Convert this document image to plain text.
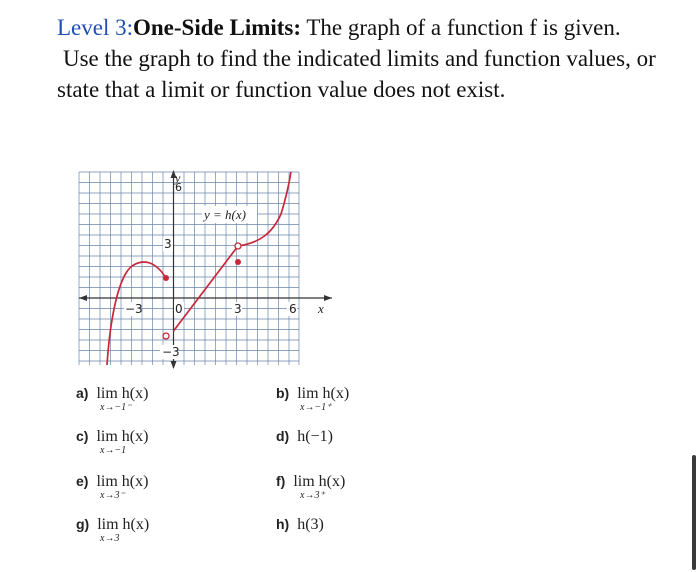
Level 3:One-Side Limits: The graph of a function f is given.
Use the graph to find the indicated limits and function values, or
state that a limit or function value does not exist.
−3	0	3	6 x
3
6
y
−3
y = h(x)
a) lim h(x)
x→−1⁻
b) lim h(x)
x→−1⁺
c) lim h(x)
x→−1
d) h(−1)
e) lim h(x)
x→3⁻
f) lim h(x)
x→3⁺
g) lim h(x)
x→3
h) h(3)
